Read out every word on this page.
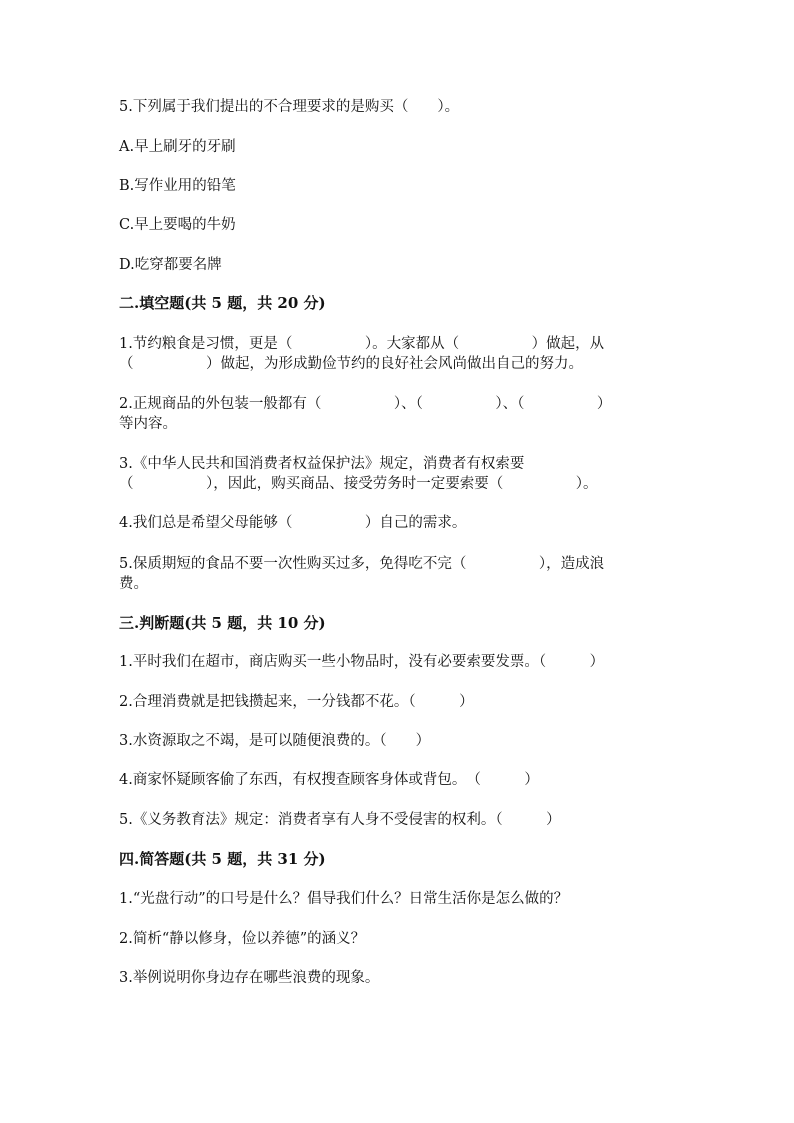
5.下列属于我们提出的不合理要求的是购买（　　）。
A.早上刷牙的牙刷
B.写作业用的铅笔
C.早上要喝的牛奶
D.吃穿都要名牌
二.填空题(共 5 题，共 20 分)
1.节约粮食是习惯，更是（　　　　　）。大家都从（　　　　　）做起，从
（　　　　　）做起，为形成勤俭节约的良好社会风尚做出自己的努力。
2.正规商品的外包装一般都有（　　　　　）、（　　　　　）、（　　　　　）
等内容。
3.《中华人民共和国消费者权益保护法》规定，消费者有权索要
（　　　　　），因此，购买商品、接受劳务时一定要索要（　　　　　）。
4.我们总是希望父母能够（　　　　　）自己的需求。
5.保质期短的食品不要一次性购买过多，免得吃不完（　　　　　），造成浪
费。
三.判断题(共 5 题，共 10 分)
1.平时我们在超市，商店购买一些小物品时，没有必要索要发票。（　　　）
2.合理消费就是把钱攒起来，一分钱都不花。（　　　）
3.水资源取之不竭，是可以随便浪费的。（　　）
4.商家怀疑顾客偷了东西，有权搜查顾客身体或背包。　（　　　）
5.《义务教育法》规定：消费者享有人身不受侵害的权利。（　　　）
四.简答题(共 5 题，共 31 分)
1.“光盘行动”的口号是什么？倡导我们什么？日常生活你是怎么做的？
2.简析“静以修身，俭以养德”的涵义？
3.举例说明你身边存在哪些浪费的现象。
